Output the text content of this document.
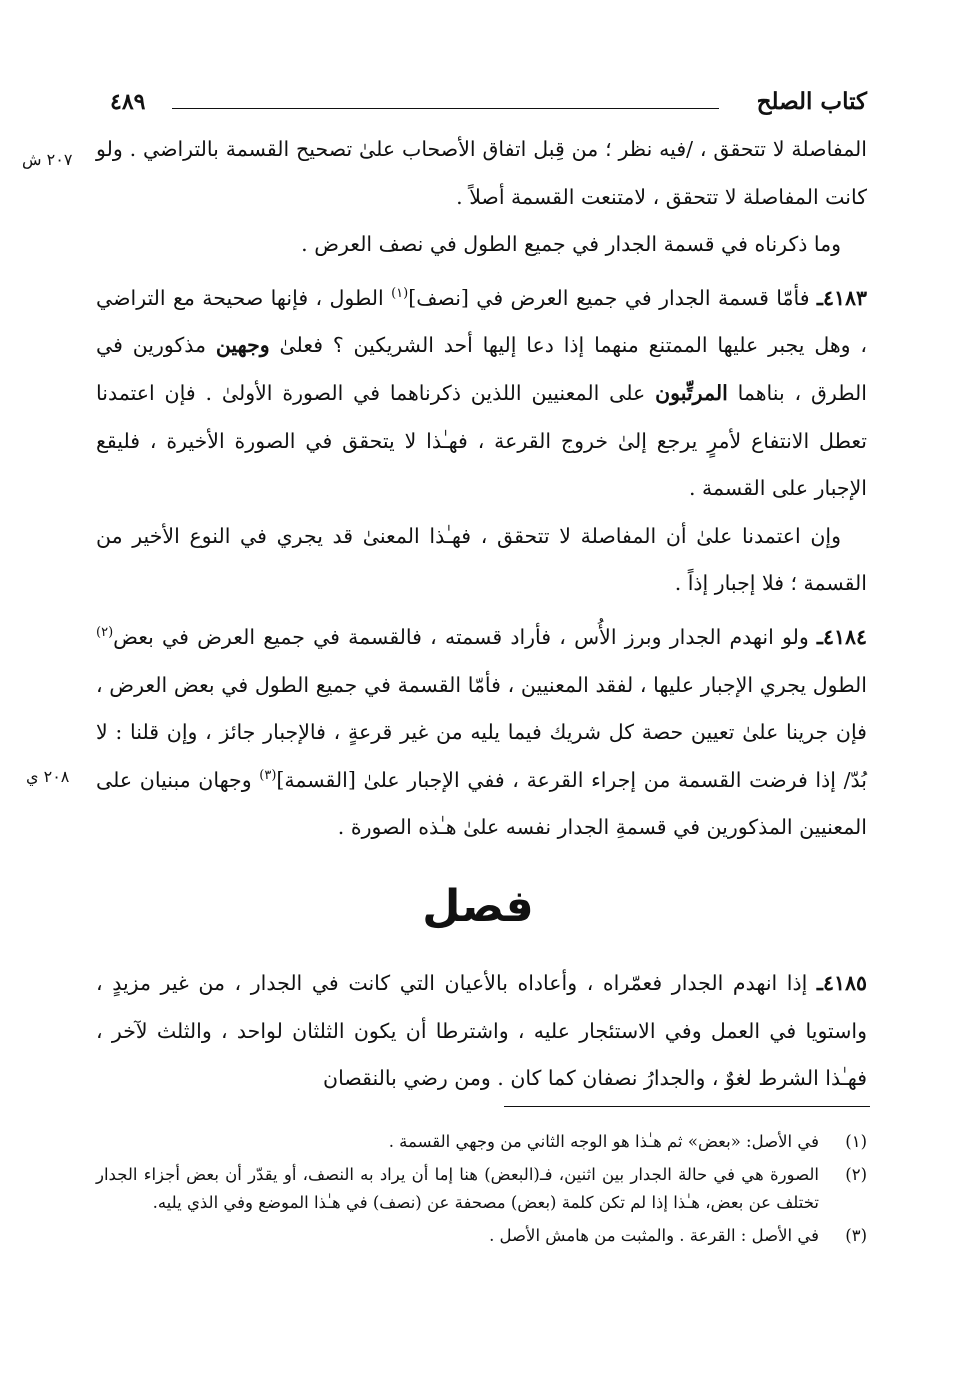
كتاب الصلح
٤٨٩
٢٠٧ ش
٢٠٨ ي

المفاصلة لا تتحقق ، /فيه نظر ؛ من قِبل اتفاق الأصحاب علىٰ تصحيح القسمة بالتراضي . ولو كانت المفاصلة لا تتحقق ، لامتنعت القسمة أصلاً .

وما ذكرناه في قسمة الجدار في جميع الطول في نصف العرض .

٤١٨٣ـ فأمّا قسمة الجدار في جميع العرض في [نصف]$^{(١)}$ الطول ، فإنها صحيحة مع التراضي ، وهل يجبر عليها الممتنع منهما إذا دعا إليها أحد الشريكين ؟ فعلىٰ وجهين مذكورين في الطرق ، بناهما المرتِّبون على المعنيين اللذين ذكرناهما في الصورة الأولىٰ . فإن اعتمدنا تعطل الانتفاع لأمرٍ يرجع إلىٰ خروج القرعة ، فهـٰذا لا يتحقق في الصورة الأخيرة ، فليقع الإجبار على القسمة .

وإن اعتمدنا علىٰ أن المفاصلة لا تتحقق ، فهـٰذا المعنىٰ قد يجري في النوع الأخير من القسمة ؛ فلا إجبار إذاً .

٤١٨٤ـ ولو انهدم الجدار وبرز الأُس ، فأراد قسمته ، فالقسمة في جميع العرض في بعض$^{(٢)}$ الطول يجري الإجبار عليها ، لفقد المعنيين ، فأمّا القسمة في جميع الطول في بعض العرض ، فإن جرينا علىٰ تعيين حصة كل شريك فيما يليه من غير قرعةٍ ، فالإجبار جائز ، وإن قلنا : لا بُدّ/ إذا فرضت القسمة من إجراء القرعة ، ففي الإجبار علىٰ [القسمة]$^{(٣)}$ وجهان مبنيان على المعنيين المذكورين في قسمةِ الجدار نفسه علىٰ هـٰذه الصورة .

فصل

٤١٨٥ـ إذا انهدم الجدار فعمّراه ، وأعاداه بالأعيان التي كانت في الجدار ، من غير مزيدٍ ، واستويا في العمل وفي الاستئجار عليه ، واشترطا أن يكون الثلثان لواحد ، والثلث لآخر ، فهـٰذا الشرط لغوٌ ، والجدارُ نصفان كما كان . ومن رضي بالنقصان

(١)
في الأصل: «بعض» ثم هـٰذا هو الوجه الثاني من وجهي القسمة .

(٢)
الصورة هي في حالة الجدار بين اثنين، فـ(البعض) هنا إما أن يراد به النصف، أو يقدّر أن بعض أجزاء الجدار تختلف عن بعض، هـٰذا إذا لم تكن كلمة (بعض) مصحفة عن (نصف) في هـٰذا الموضع وفي الذي يليه.

(٣)
في الأصل : القرعة . والمثبت من هامش الأصل .
